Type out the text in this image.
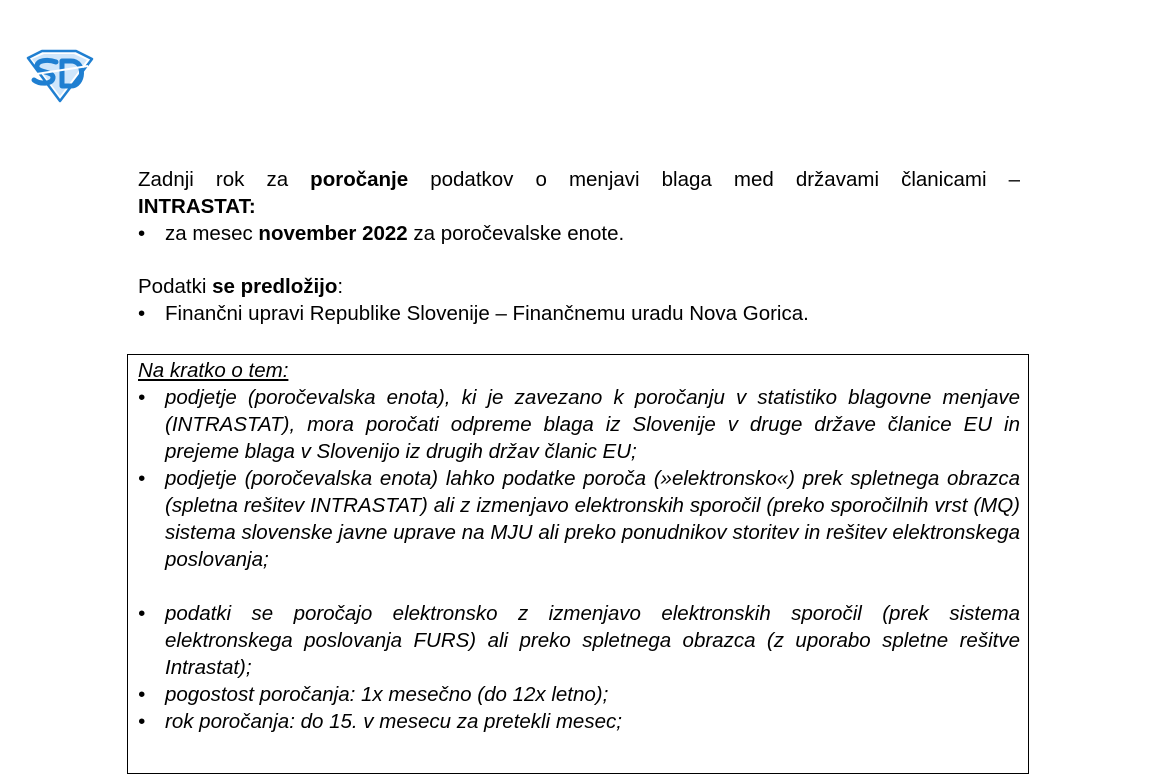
Zadnji rok za poročanje podatkov o menjavi blaga med državami članicami –
INTRASTAT:
• za mesec november 2022 za poročevalske enote.
Podatki se predložijo:
• Finančni upravi Republike Slovenije – Finančnemu uradu Nova Gorica.
Na kratko o tem:
• podjetje (poročevalska enota), ki je zavezano k poročanju v statistiko blagovne menjave (INTRASTAT), mora poročati odpreme blaga iz Slovenije v druge države članice EU in prejeme blaga v Slovenijo iz drugih držav članic EU;
• podjetje (poročevalska enota) lahko podatke poroča (»elektronsko«) prek spletnega obrazca (spletna rešitev INTRASTAT) ali z izmenjavo elektronskih sporočil (preko sporočilnih vrst (MQ) sistema slovenske javne uprave na MJU ali preko ponudnikov storitev in rešitev elektronskega poslovanja;
• podatki se poročajo elektronsko z izmenjavo elektronskih sporočil (prek sistema elektronskega poslovanja FURS) ali preko spletnega obrazca (z uporabo spletne rešitve Intrastat);
• pogostost poročanja: 1x mesečno (do 12x letno);
• rok poročanja: do 15. v mesecu za pretekli mesec;
